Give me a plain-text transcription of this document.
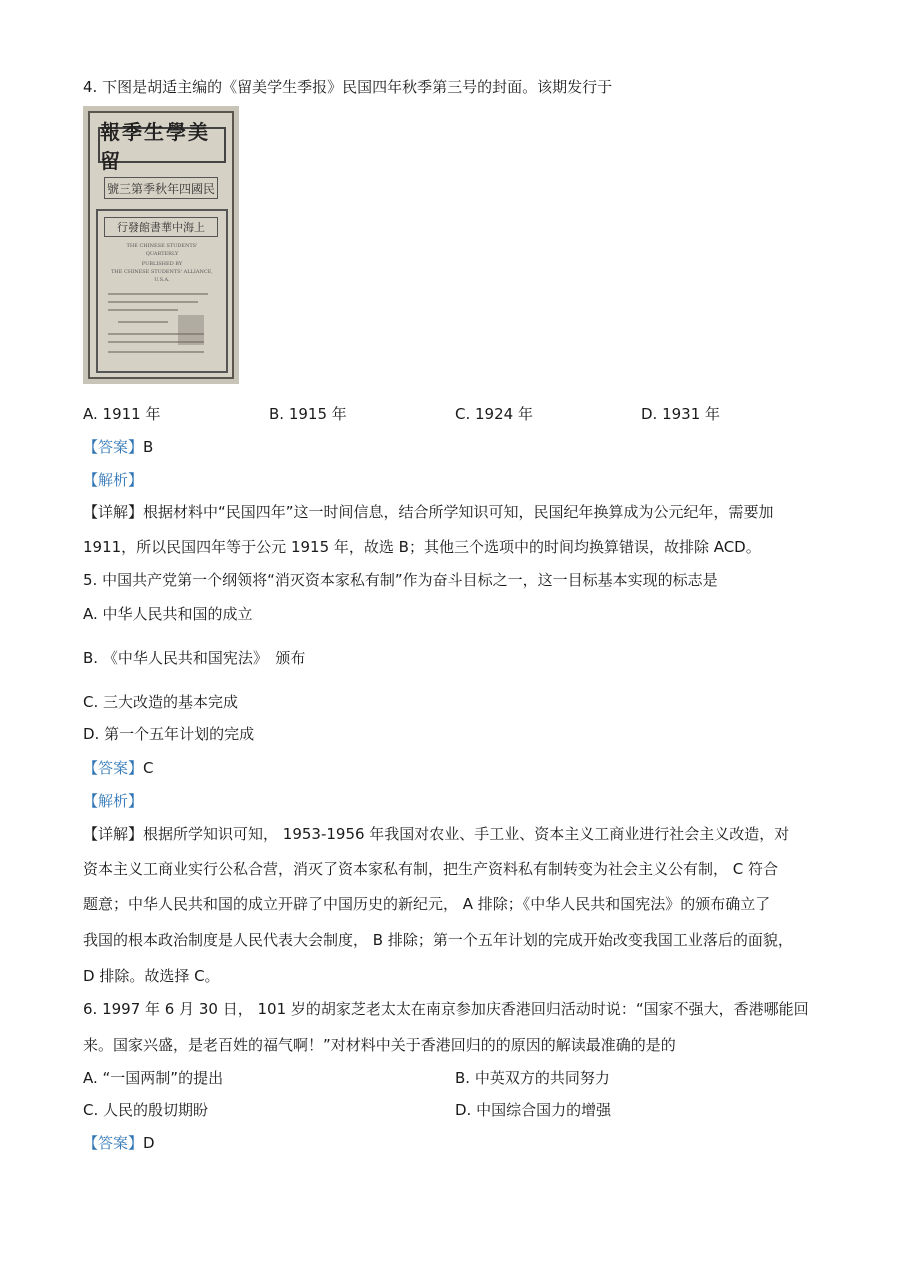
4. 下图是胡适主编的《留美学生季报》民国四年秋季第三号的封面。该期发行于
報季生學美留
號三第季秋年四國民
行發館書華中海上
THE CHINESE STUDENTS'
QUARTERLY
PUBLISHED BY
THE CHINESE STUDENTS' ALLIANCE,
U.S.A.
A. 1911 年	B. 1915 年	C. 1924 年	D. 1931 年
【答案】B
【解析】
【详解】根据材料中“民国四年”这一时间信息，结合所学知识可知，民国纪年换算成为公元纪年，需要加
1911，所以民国四年等于公元 1915 年，故选 B；其他三个选项中的时间均换算错误，故排除 ACD。
5. 中国共产党第一个纲领将“消灭资本家私有制”作为奋斗目标之一，这一目标基本实现的标志是
A. 中华人民共和国的成立
B. 《中华人民共和国宪法》　颁布
C. 三大改造的基本完成
D. 第一个五年计划的完成
【答案】C
【解析】
【详解】根据所学知识可知， 1953-1956 年我国对农业、手工业、资本主义工商业进行社会主义改造，对
资本主义工商业实行公私合营，消灭了资本家私有制，把生产资料私有制转变为社会主义公有制， C 符合
题意；中华人民共和国的成立开辟了中国历史的新纪元， A 排除；《中华人民共和国宪法》的颁布确立了
我国的根本政治制度是人民代表大会制度， B 排除；第一个五年计划的完成开始改变我国工业落后的面貌，
D 排除。故选择 C。
6. 1997 年 6 月 30 日， 101 岁的胡家芝老太太在南京参加庆香港回归活动时说：“国家不强大，香港哪能回
来。国家兴盛，是老百姓的福气啊！”对材料中关于香港回归的的原因的解读最准确的是的
A. “一国两制”的提出	B. 中英双方的共同努力
C. 人民的殷切期盼	D. 中国综合国力的增强
【答案】D
